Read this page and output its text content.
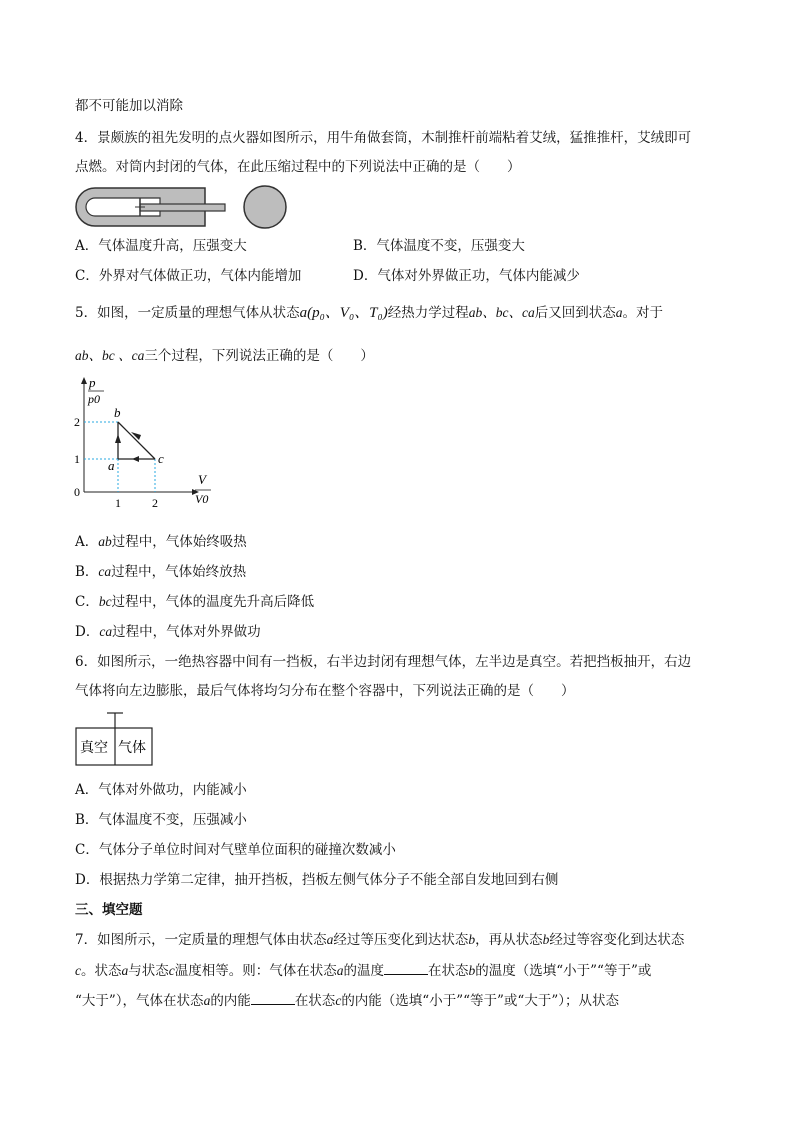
都不可能加以消除
4．景颇族的祖先发明的点火器如图所示，用牛角做套筒，木制推杆前端粘着艾绒，猛推推杆，艾绒即可
点燃。对筒内封闭的气体，在此压缩过程中的下列说法中正确的是（　　）
A．气体温度升高，压强变大	B．气体温度不变，压强变大
C．外界对气体做正功，气体内能增加	D．气体对外界做正功，气体内能减少
5．如图，一定质量的理想气体从状态a(p₀、V₀、T₀)经热力学过程ab、bc、ca后又回到状态a。对于
ab、bc 、ca三个过程，下列说法正确的是（　　）
p
p0
2
1
0
1	2
V
V0
b
a	c
A．ab过程中，气体始终吸热
B．ca过程中，气体始终放热
C．bc过程中，气体的温度先升高后降低
D．ca过程中，气体对外界做功
6．如图所示，一绝热容器中间有一挡板，右半边封闭有理想气体，左半边是真空。若把挡板抽开，右边
气体将向左边膨胀，最后气体将均匀分布在整个容器中，下列说法正确的是（　　）
真空 气体
A．气体对外做功，内能减小
B．气体温度不变，压强减小
C．气体分子单位时间对气壁单位面积的碰撞次数减小
D．根据热力学第二定律，抽开挡板，挡板左侧气体分子不能全部自发地回到右侧
三、填空题
7．如图所示，一定质量的理想气体由状态a经过等压变化到达状态b，再从状态b经过等容变化到达状态
c。状态a与状态c温度相等。则：气体在状态a的温度	在状态b的温度（选填“小于”“等于”或
“大于”），气体在状态a的内能	在状态c的内能（选填“小于”“等于”或“大于”）；从状态
